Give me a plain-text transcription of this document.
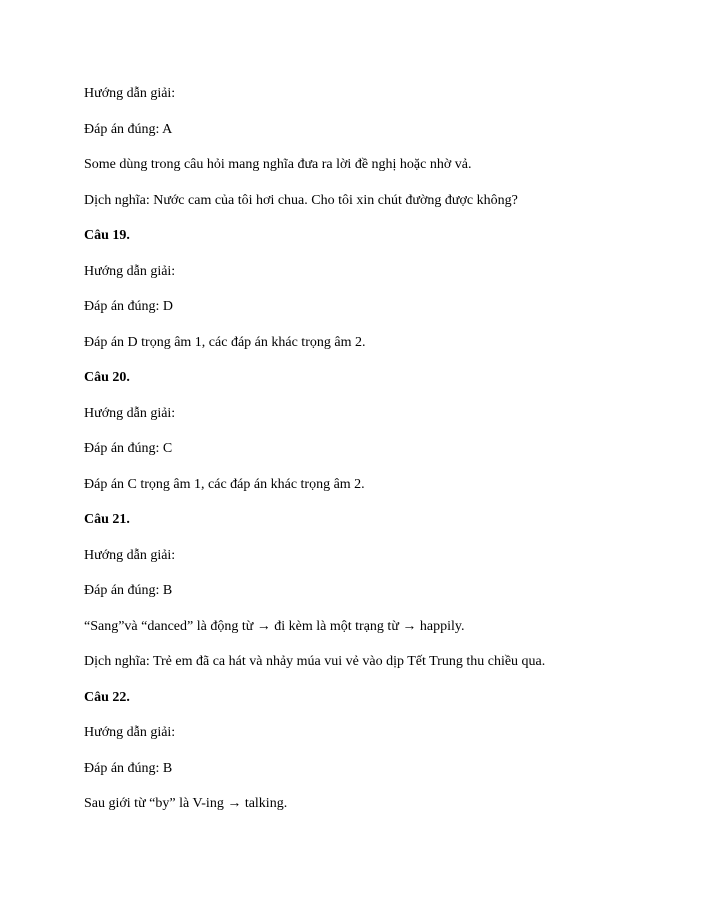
Hướng dẫn giải:
Đáp án đúng: A
Some dùng trong câu hỏi mang nghĩa đưa ra lời đề nghị hoặc nhờ vả.
Dịch nghĩa: Nước cam của tôi hơi chua. Cho tôi xin chút đường được không?
Câu 19.
Hướng dẫn giải:
Đáp án đúng: D
Đáp án D trọng âm 1, các đáp án khác trọng âm 2.
Câu 20.
Hướng dẫn giải:
Đáp án đúng: C
Đáp án C trọng âm 1, các đáp án khác trọng âm 2.
Câu 21.
Hướng dẫn giải:
Đáp án đúng: B
“Sang”và “danced” là động từ → đi kèm là một trạng từ → happily.
Dịch nghĩa: Trẻ em đã ca hát và nhảy múa vui vẻ vào dịp Tết Trung thu chiều qua.
Câu 22.
Hướng dẫn giải:
Đáp án đúng: B
Sau giới từ “by” là V-ing → talking.
